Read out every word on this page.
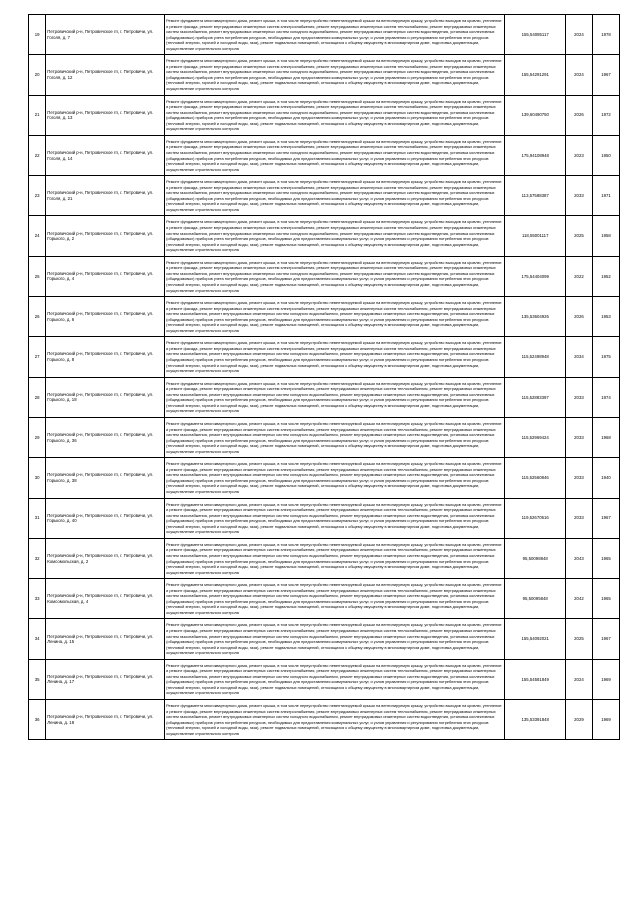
19	Петровичский р-н, Петровичское гп, г. Петровичи, ул. Гоголя, д. 7	Ремонт фундамента многоквартирного дома, ремонт крыши, в том числе переустройство невентилируемой крыши на вентилируемую крышу, устройство выходов на кровлю, утепление и ремонт фасада, ремонт внутридомовых инженерных систем электроснабжения, ремонт внутридомовых инженерных систем теплоснабжения, ремонт внутридомовых инженерных систем газоснабжения, ремонт внутридомовых инженерных систем холодного водоснабжения, ремонт внутридомовых инженерных систем водоотведения, установка коллективных (общедомовых) приборов учета потребления ресурсов, необходимых для предоставления коммунальных услуг, и узлов управления и регулирования потребления этих ресурсов (тепловой энергии, горячей и холодной воды, газа), ремонт подвальных помещений, относящихся к общему имуществу в многоквартирном доме, подготовка документации, осуществление строительного контроля	155,54085117	2024	1978
20	Петровичский р-н, Петровичское гп, г. Петровичи, ул. Гоголя, д. 12	Ремонт фундамента многоквартирного дома, ремонт крыши, в том числе переустройство невентилируемой крыши на вентилируемую крышу, устройство выходов на кровлю, утепление и ремонт фасада, ремонт внутридомовых инженерных систем электроснабжения, ремонт внутридомовых инженерных систем теплоснабжения, ремонт внутридомовых инженерных систем газоснабжения, ремонт внутридомовых инженерных систем холодного водоснабжения, ремонт внутридомовых инженерных систем водоотведения, установка коллективных (общедомовых) приборов учета потребления ресурсов, необходимых для предоставления коммунальных услуг, и узлов управления и регулирования потребления этих ресурсов (тепловой энергии, горячей и холодной воды, газа), ремонт подвальных помещений, относящихся к общему имуществу в многоквартирном доме, подготовка документации, осуществление строительного контроля	155,54291291	2024	1967
21	Петровичский р-н, Петровичское гп, г. Петровичи, ул. Гоголя, д. 13	Ремонт фундамента многоквартирного дома, ремонт крыши, в том числе переустройство невентилируемой крыши на вентилируемую крышу, устройство выходов на кровлю, утепление и ремонт фасада, ремонт внутридомовых инженерных систем электроснабжения, ремонт внутридомовых инженерных систем теплоснабжения, ремонт внутридомовых инженерных систем газоснабжения, ремонт внутридомовых инженерных систем холодного водоснабжения, ремонт внутридомовых инженерных систем водоотведения, установка коллективных (общедомовых) приборов учета потребления ресурсов, необходимых для предоставления коммунальных услуг, и узлов управления и регулирования потребления этих ресурсов (тепловой энергии, горячей и холодной воды, газа), ремонт подвальных помещений, относящихся к общему имуществу в многоквартирном доме, подготовка документации, осуществление строительного контроля	139,60490750	2026	1972
22	Петровичский р-н, Петровичское гп, г. Петровичи, ул. Гоголя, д. 14	Ремонт фундамента многоквартирного дома, ремонт крыши, в том числе переустройство невентилируемой крыши на вентилируемую крышу, устройство выходов на кровлю, утепление и ремонт фасада, ремонт внутридомовых инженерных систем электроснабжения, ремонт внутридомовых инженерных систем теплоснабжения, ремонт внутридомовых инженерных систем газоснабжения, ремонт внутридомовых инженерных систем холодного водоснабжения, ремонт внутридомовых инженерных систем водоотведения, установка коллективных (общедомовых) приборов учета потребления ресурсов, необходимых для предоставления коммунальных услуг, и узлов управления и регулирования потребления этих ресурсов (тепловой энергии, горячей и холодной воды, газа), ремонт подвальных помещений, относящихся к общему имуществу в многоквартирном доме, подготовка документации, осуществление строительного контроля	175,94108948	2023	1950
23	Петровичский р-н, Петровичское гп, г. Петровичи, ул. Гоголя, д. 21	Ремонт фундамента многоквартирного дома, ремонт крыши, в том числе переустройство невентилируемой крыши на вентилируемую крышу, устройство выходов на кровлю, утепление и ремонт фасада, ремонт внутридомовых инженерных систем электроснабжения, ремонт внутридомовых инженерных систем теплоснабжения, ремонт внутридомовых инженерных систем газоснабжения, ремонт внутридомовых инженерных систем холодного водоснабжения, ремонт внутридомовых инженерных систем водоотведения, установка коллективных (общедомовых) приборов учета потребления ресурсов, необходимых для предоставления коммунальных услуг, и узлов управления и регулирования потребления этих ресурсов (тепловой энергии, горячей и холодной воды, газа), ремонт подвальных помещений, относящихся к общему имуществу в многоквартирном доме, подготовка документации, осуществление строительного контроля	113,57588387	2033	1971
24	Петровичский р-н, Петровичское гп, г. Петровичи, ул. Горького, д. 2	Ремонт фундамента многоквартирного дома, ремонт крыши, в том числе переустройство невентилируемой крыши на вентилируемую крышу, устройство выходов на кровлю, утепление и ремонт фасада, ремонт внутридомовых инженерных систем электроснабжения, ремонт внутридомовых инженерных систем теплоснабжения, ремонт внутридомовых инженерных систем газоснабжения, ремонт внутридомовых инженерных систем холодного водоснабжения, ремонт внутридомовых инженерных систем водоотведения, установка коллективных (общедомовых) приборов учета потребления ресурсов, необходимых для предоставления коммунальных услуг, и узлов управления и регулирования потребления этих ресурсов (тепловой энергии, горячей и холодной воды, газа), ремонт подвальных помещений, относящихся к общему имуществу в многоквартирном доме, подготовка документации, осуществление строительного контроля	118,55001117	2025	1958
25	Петровичский р-н, Петровичское гп, г. Петровичи, ул. Горького, д. 4	Ремонт фундамента многоквартирного дома, ремонт крыши, в том числе переустройство невентилируемой крыши на вентилируемую крышу, устройство выходов на кровлю, утепление и ремонт фасада, ремонт внутридомовых инженерных систем электроснабжения, ремонт внутридомовых инженерных систем теплоснабжения, ремонт внутридомовых инженерных систем газоснабжения, ремонт внутридомовых инженерных систем холодного водоснабжения, ремонт внутридомовых инженерных систем водоотведения, установка коллективных (общедомовых) приборов учета потребления ресурсов, необходимых для предоставления коммунальных услуг, и узлов управления и регулирования потребления этих ресурсов (тепловой энергии, горячей и холодной воды, газа), ремонт подвальных помещений, относящихся к общему имуществу в многоквартирном доме, подготовка документации, осуществление строительного контроля	175,54404099	2022	1952
26	Петровичский р-н, Петровичское гп, г. Петровичи, ул. Горького, д. 6	Ремонт фундамента многоквартирного дома, ремонт крыши, в том числе переустройство невентилируемой крыши на вентилируемую крышу, устройство выходов на кровлю, утепление и ремонт фасада, ремонт внутридомовых инженерных систем электроснабжения, ремонт внутридомовых инженерных систем теплоснабжения, ремонт внутридомовых инженерных систем газоснабжения, ремонт внутридомовых инженерных систем холодного водоснабжения, ремонт внутридомовых инженерных систем водоотведения, установка коллективных (общедомовых) приборов учета потребления ресурсов, необходимых для предоставления коммунальных услуг, и узлов управления и регулирования потребления этих ресурсов (тепловой энергии, горячей и холодной воды, газа), ремонт подвальных помещений, относящихся к общему имуществу в многоквартирном доме, подготовка документации, осуществление строительного контроля	135,53604926	2026	1953
27	Петровичский р-н, Петровичское гп, г. Петровичи, ул. Горького, д. 8	Ремонт фундамента многоквартирного дома, ремонт крыши, в том числе переустройство невентилируемой крыши на вентилируемую крышу, устройство выходов на кровлю, утепление и ремонт фасада, ремонт внутридомовых инженерных систем электроснабжения, ремонт внутридомовых инженерных систем теплоснабжения, ремонт внутридомовых инженерных систем газоснабжения, ремонт внутридомовых инженерных систем холодного водоснабжения, ремонт внутридомовых инженерных систем водоотведения, установка коллективных (общедомовых) приборов учета потребления ресурсов, необходимых для предоставления коммунальных услуг, и узлов управления и регулирования потребления этих ресурсов (тепловой энергии, горячей и холодной воды, газа), ремонт подвальных помещений, относящихся к общему имуществу в многоквартирном доме, подготовка документации, осуществление строительного контроля	115,52498948	2034	1975
28	Петровичский р-н, Петровичское гп, г. Петровичи, ул. Горького, д. 18	Ремонт фундамента многоквартирного дома, ремонт крыши, в том числе переустройство невентилируемой крыши на вентилируемую крышу, устройство выходов на кровлю, утепление и ремонт фасада, ремонт внутридомовых инженерных систем электроснабжения, ремонт внутридомовых инженерных систем теплоснабжения, ремонт внутридомовых инженерных систем газоснабжения, ремонт внутридомовых инженерных систем холодного водоснабжения, ремонт внутридомовых инженерных систем водоотведения, установка коллективных (общедомовых) приборов учета потребления ресурсов, необходимых для предоставления коммунальных услуг, и узлов управления и регулирования потребления этих ресурсов (тепловой энергии, горячей и холодной воды, газа), ремонт подвальных помещений, относящихся к общему имуществу в многоквартирном доме, подготовка документации, осуществление строительного контроля	115,52883397	2033	1974
29	Петровичский р-н, Петровичское гп, г. Петровичи, ул. Горького, д. 36	Ремонт фундамента многоквартирного дома, ремонт крыши, в том числе переустройство невентилируемой крыши на вентилируемую крышу, устройство выходов на кровлю, утепление и ремонт фасада, ремонт внутридомовых инженерных систем электроснабжения, ремонт внутридомовых инженерных систем теплоснабжения, ремонт внутридомовых инженерных систем газоснабжения, ремонт внутридомовых инженерных систем холодного водоснабжения, ремонт внутридомовых инженерных систем водоотведения, установка коллективных (общедомовых) приборов учета потребления ресурсов, необходимых для предоставления коммунальных услуг, и узлов управления и регулирования потребления этих ресурсов (тепловой энергии, горячей и холодной воды, газа), ремонт подвальных помещений, относящихся к общему имуществу в многоквартирном доме, подготовка документации, осуществление строительного контроля	115,52969424	2033	1968
30	Петровичский р-н, Петровичское гп, г. Петровичи, ул. Горького, д. 38	Ремонт фундамента многоквартирного дома, ремонт крыши, в том числе переустройство невентилируемой крыши на вентилируемую крышу, устройство выходов на кровлю, утепление и ремонт фасада, ремонт внутридомовых инженерных систем электроснабжения, ремонт внутридомовых инженерных систем теплоснабжения, ремонт внутридомовых инженерных систем газоснабжения, ремонт внутридомовых инженерных систем холодного водоснабжения, ремонт внутридомовых инженерных систем водоотведения, установка коллективных (общедомовых) приборов учета потребления ресурсов, необходимых для предоставления коммунальных услуг, и узлов управления и регулирования потребления этих ресурсов (тепловой энергии, горячей и холодной воды, газа), ремонт подвальных помещений, относящихся к общему имуществу в многоквартирном доме, подготовка документации, осуществление строительного контроля	115,52560846	2033	1940
31	Петровичский р-н, Петровичское гп, г. Петровичи, ул. Горького, д. 40	Ремонт фундамента многоквартирного дома, ремонт крыши, в том числе переустройство невентилируемой крыши на вентилируемую крышу, устройство выходов на кровлю, утепление и ремонт фасада, ремонт внутридомовых инженерных систем электроснабжения, ремонт внутридомовых инженерных систем теплоснабжения, ремонт внутридомовых инженерных систем газоснабжения, ремонт внутридомовых инженерных систем холодного водоснабжения, ремонт внутридомовых инженерных систем водоотведения, установка коллективных (общедомовых) приборов учета потребления ресурсов, необходимых для предоставления коммунальных услуг, и узлов управления и регулирования потребления этих ресурсов (тепловой энергии, горячей и холодной воды, газа), ремонт подвальных помещений, относящихся к общему имуществу в многоквартирном доме, подготовка документации, осуществление строительного контроля	119,52670516	2033	1967
32	Петровичский р-н, Петровичское гп, г. Петровичи, ул. Комсомольская, д. 2	Ремонт фундамента многоквартирного дома, ремонт крыши, в том числе переустройство невентилируемой крыши на вентилируемую крышу, устройство выходов на кровлю, утепление и ремонт фасада, ремонт внутридомовых инженерных систем электроснабжения, ремонт внутридомовых инженерных систем теплоснабжения, ремонт внутридомовых инженерных систем газоснабжения, ремонт внутридомовых инженерных систем холодного водоснабжения, ремонт внутридомовых инженерных систем водоотведения, установка коллективных (общедомовых) приборов учета потребления ресурсов, необходимых для предоставления коммунальных услуг, и узлов управления и регулирования потребления этих ресурсов (тепловой энергии, горячей и холодной воды, газа), ремонт подвальных помещений, относящихся к общему имуществу в многоквартирном доме, подготовка документации, осуществление строительного контроля	95,50098848	2043	1965
33	Петровичский р-н, Петровичское гп, г. Петровичи, ул. Комсомольская, д. 4	Ремонт фундамента многоквартирного дома, ремонт крыши, в том числе переустройство невентилируемой крыши на вентилируемую крышу, устройство выходов на кровлю, утепление и ремонт фасада, ремонт внутридомовых инженерных систем электроснабжения, ремонт внутридомовых инженерных систем теплоснабжения, ремонт внутридомовых инженерных систем газоснабжения, ремонт внутридомовых инженерных систем холодного водоснабжения, ремонт внутридомовых инженерных систем водоотведения, установка коллективных (общедомовых) приборов учета потребления ресурсов, необходимых для предоставления коммунальных услуг, и узлов управления и регулирования потребления этих ресурсов (тепловой энергии, горячей и холодной воды, газа), ремонт подвальных помещений, относящихся к общему имуществу в многоквартирном доме, подготовка документации, осуществление строительного контроля	95,50095848	2042	1965
34	Петровичский р-н, Петровичское гп, г. Петровичи, ул. Ленина, д. 15	Ремонт фундамента многоквартирного дома, ремонт крыши, в том числе переустройство невентилируемой крыши на вентилируемую крышу, устройство выходов на кровлю, утепление и ремонт фасада, ремонт внутридомовых инженерных систем электроснабжения, ремонт внутридомовых инженерных систем теплоснабжения, ремонт внутридомовых инженерных систем газоснабжения, ремонт внутридомовых инженерных систем холодного водоснабжения, ремонт внутридомовых инженерных систем водоотведения, установка коллективных (общедомовых) приборов учета потребления ресурсов, необходимых для предоставления коммунальных услуг, и узлов управления и регулирования потребления этих ресурсов (тепловой энергии, горячей и холодной воды, газа), ремонт подвальных помещений, относящихся к общему имуществу в многоквартирном доме, подготовка документации, осуществление строительного контроля	155,54092021	2025	1967
35	Петровичский р-н, Петровичское гп, г. Петровичи, ул. Ленина, д. 17	Ремонт фундамента многоквартирного дома, ремонт крыши, в том числе переустройство невентилируемой крыши на вентилируемую крышу, устройство выходов на кровлю, утепление и ремонт фасада, ремонт внутридомовых инженерных систем электроснабжения, ремонт внутридомовых инженерных систем теплоснабжения, ремонт внутридомовых инженерных систем газоснабжения, ремонт внутридомовых инженерных систем холодного водоснабжения, ремонт внутридомовых инженерных систем водоотведения, установка коллективных (общедомовых) приборов учета потребления ресурсов, необходимых для предоставления коммунальных услуг, и узлов управления и регулирования потребления этих ресурсов (тепловой энергии, горячей и холодной воды, газа), ремонт подвальных помещений, относящихся к общему имуществу в многоквартирном доме, подготовка документации, осуществление строительного контроля	155,54581849	2024	1969
36	Петровичский р-н, Петровичское гп, г. Петровичи, ул. Ленина, д. 18	Ремонт фундамента многоквартирного дома, ремонт крыши, в том числе переустройство невентилируемой крыши на вентилируемую крышу, устройство выходов на кровлю, утепление и ремонт фасада, ремонт внутридомовых инженерных систем электроснабжения, ремонт внутридомовых инженерных систем теплоснабжения, ремонт внутридомовых инженерных систем газоснабжения, ремонт внутридомовых инженерных систем холодного водоснабжения, ремонт внутридомовых инженерных систем водоотведения, установка коллективных (общедомовых) приборов учета потребления ресурсов, необходимых для предоставления коммунальных услуг, и узлов управления и регулирования потребления этих ресурсов (тепловой энергии, горячей и холодной воды, газа), ремонт подвальных помещений, относящихся к общему имуществу в многоквартирном доме, подготовка документации, осуществление строительного контроля	135,53391848	2029	1969
